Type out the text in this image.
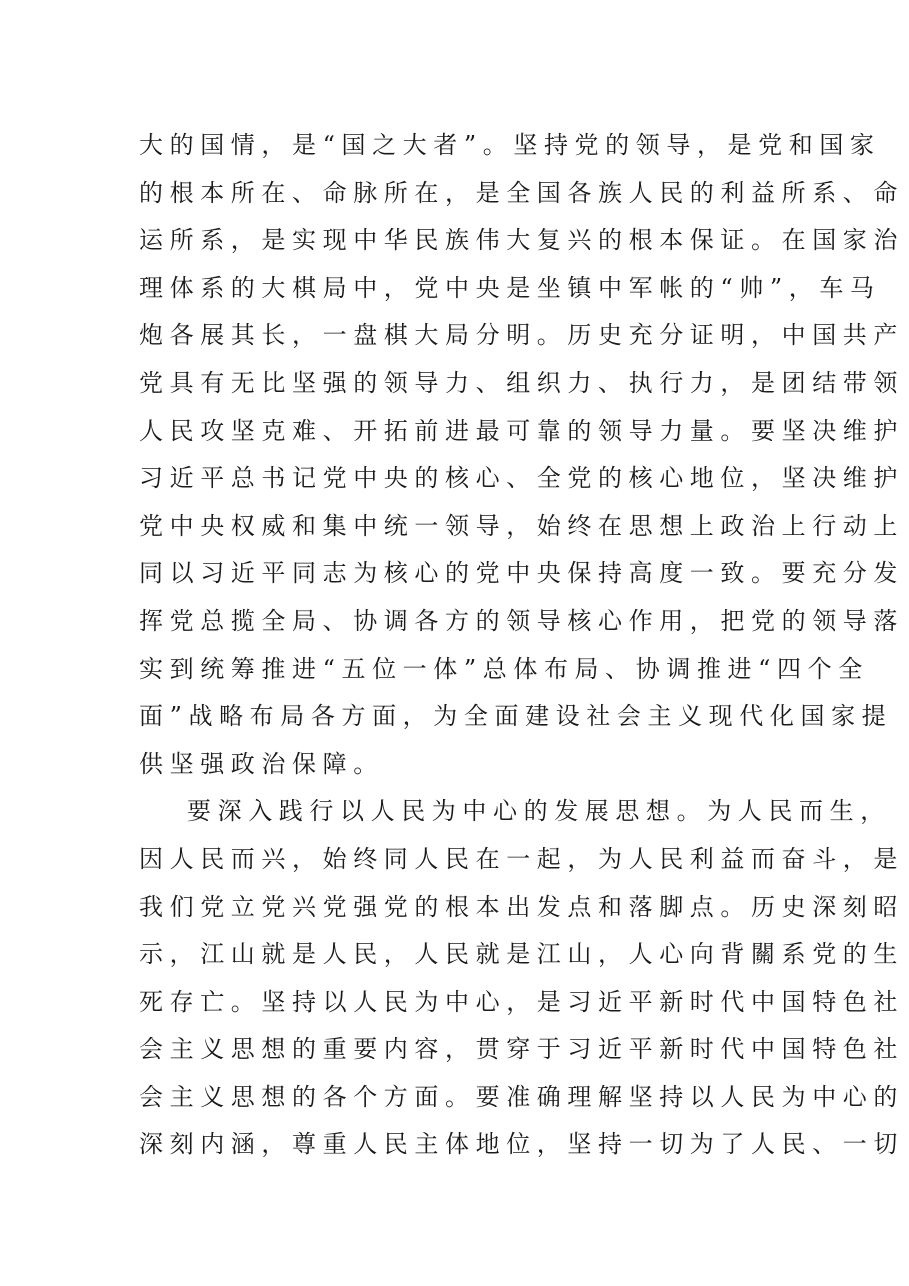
大的国情，是“国之大者”。坚持党的领导，是党和国家
的根本所在、命脉所在，是全国各族人民的利益所系、命
运所系，是实现中华民族伟大复兴的根本保证。在国家治
理体系的大棋局中，党中央是坐镇中军帐的“帅”，车马
炮各展其长，一盘棋大局分明。历史充分证明，中国共产
党具有无比坚强的领导力、组织力、执行力，是团结带领
人民攻坚克难、开拓前进最可靠的领导力量。要坚决维护
习近平总书记党中央的核心、全党的核心地位，坚决维护
党中央权威和集中统一领导，始终在思想上政治上行动上
同以习近平同志为核心的党中央保持高度一致。要充分发
挥党总揽全局、协调各方的领导核心作用，把党的领导落
实到统筹推进“五位一体”总体布局、协调推进“四个全
面”战略布局各方面，为全面建设社会主义现代化国家提
供坚强政治保障。
要深入践行以人民为中心的发展思想。为人民而生，
因人民而兴，始终同人民在一起，为人民利益而奋斗，是
我们党立党兴党强党的根本出发点和落脚点。历史深刻昭
示，江山就是人民，人民就是江山，人心向背關系党的生
死存亡。坚持以人民为中心，是习近平新时代中国特色社
会主义思想的重要内容，贯穿于习近平新时代中国特色社
会主义思想的各个方面。要准确理解坚持以人民为中心的
深刻内涵，尊重人民主体地位，坚持一切为了人民、一切
